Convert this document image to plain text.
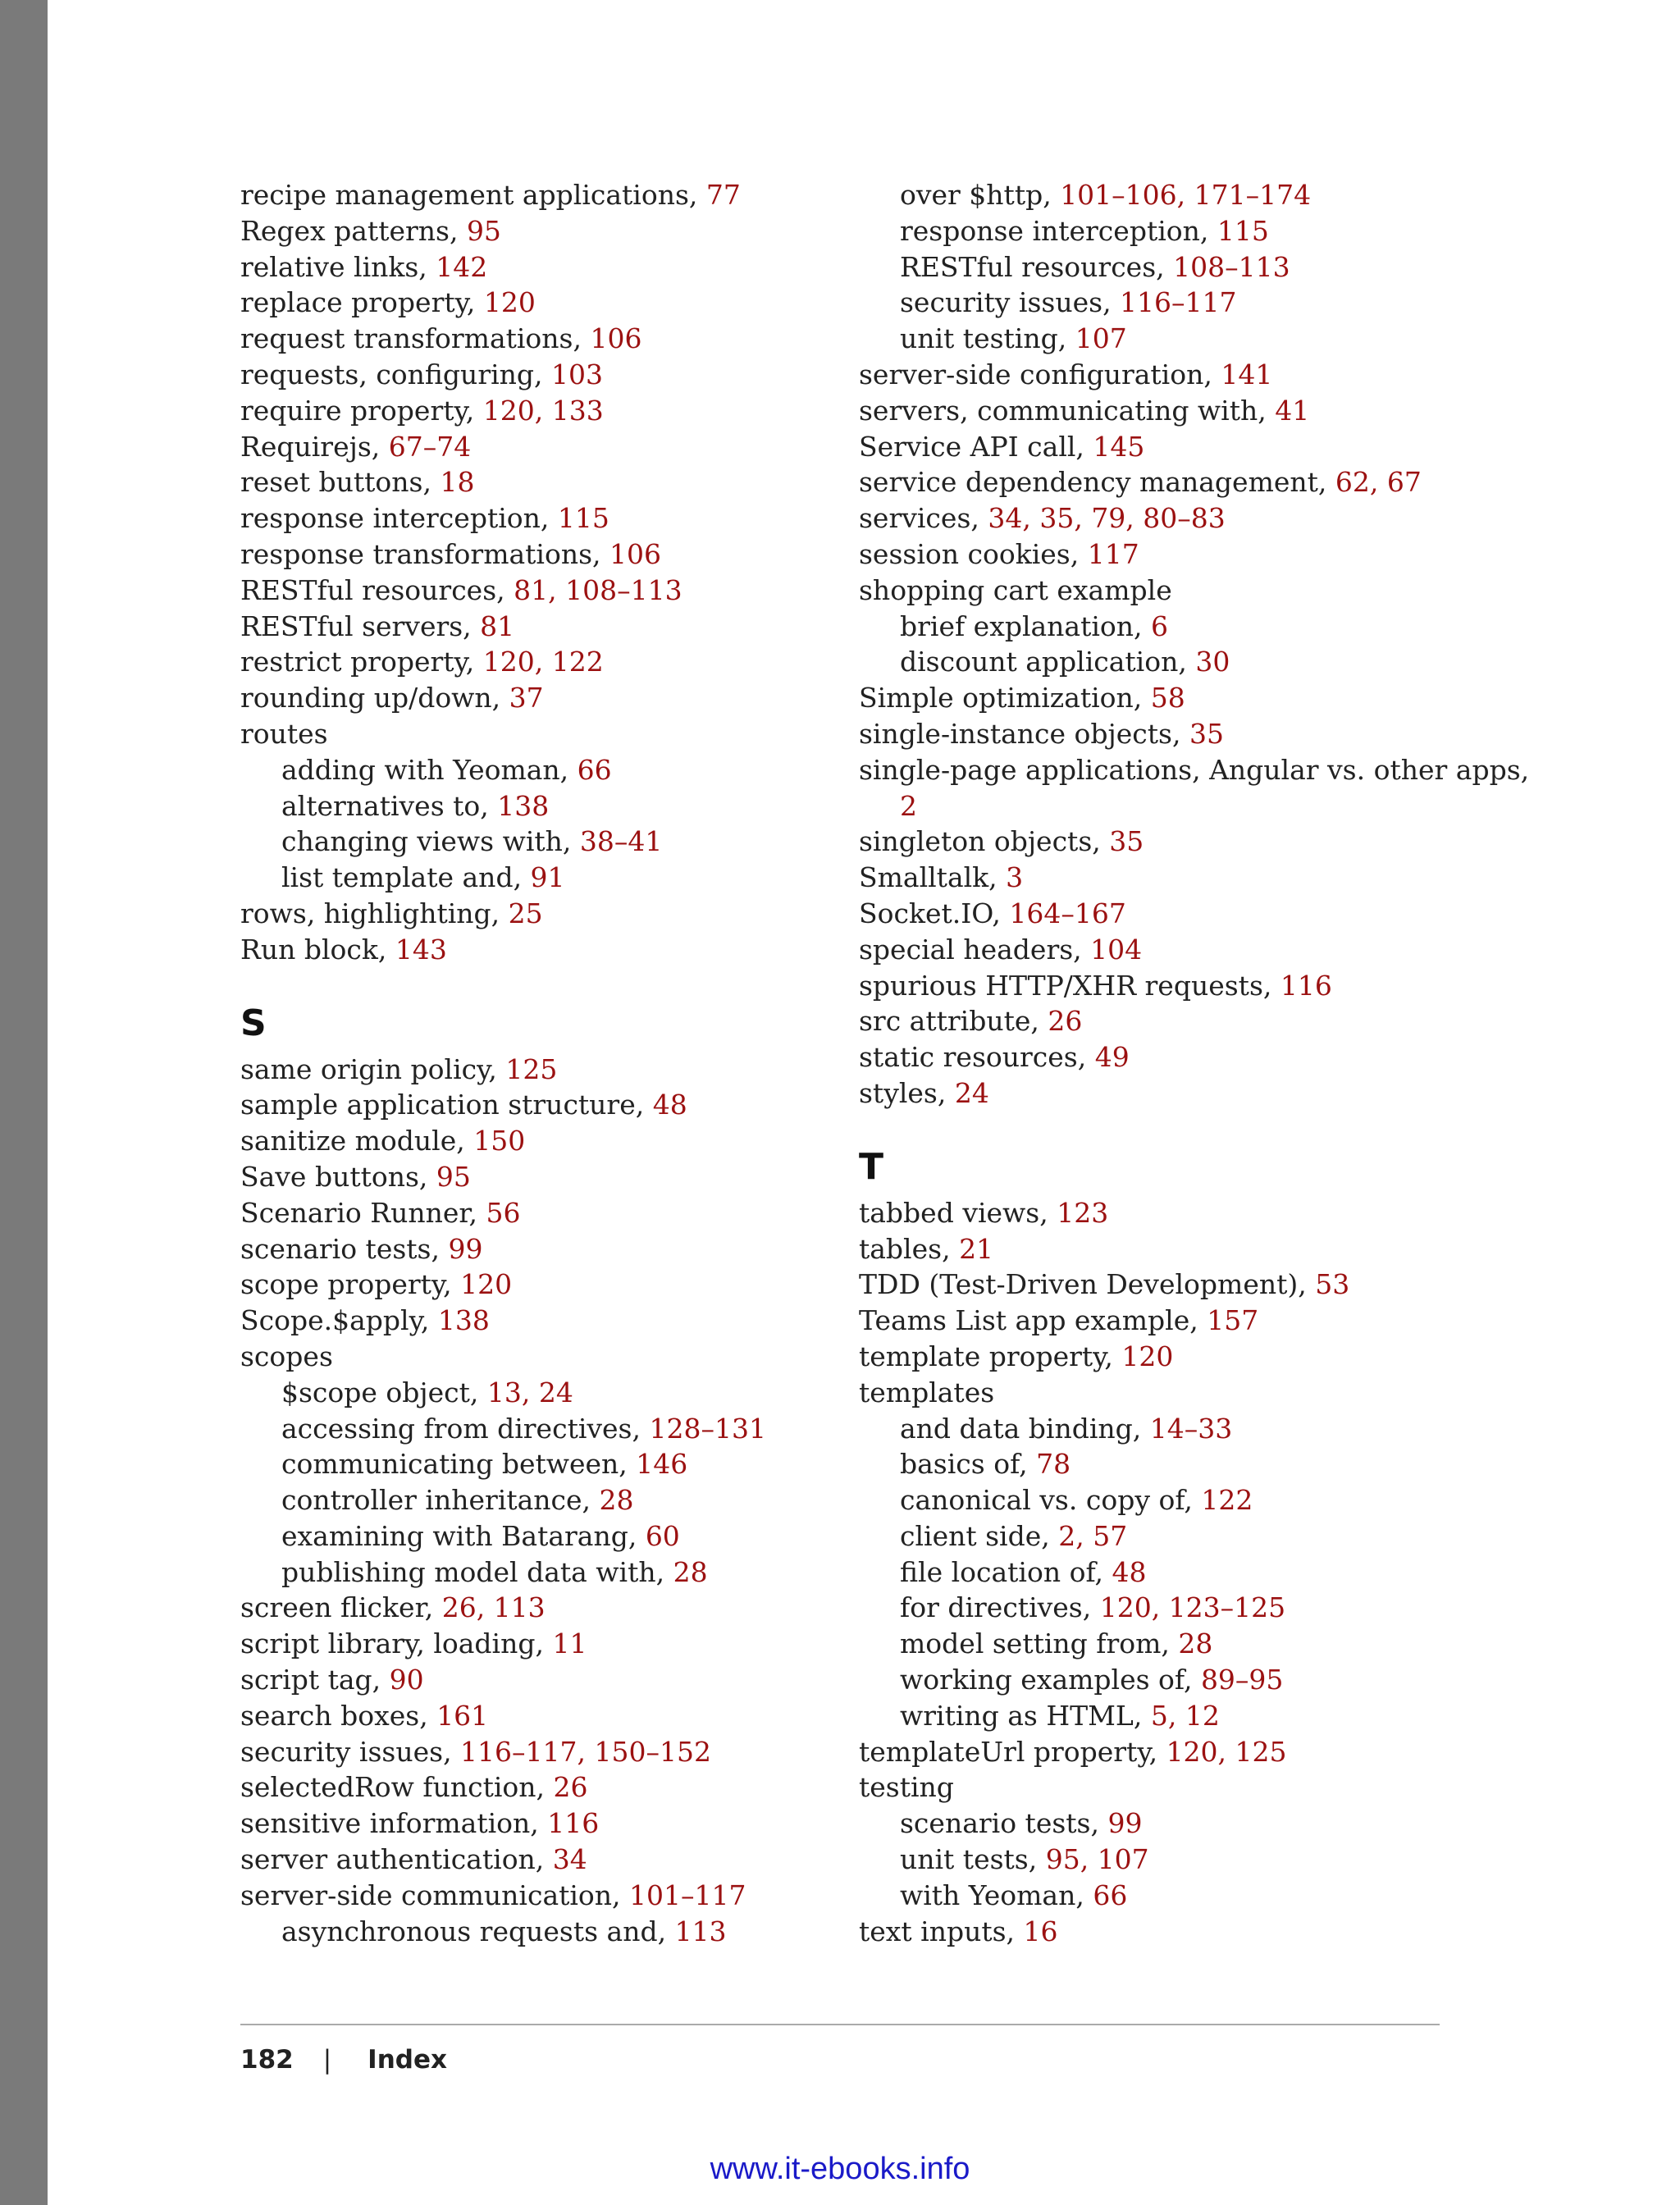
recipe management applications, 77
Regex patterns, 95
relative links, 142
replace property, 120
request transformations, 106
requests, configuring, 103
require property, 120, 133
Requirejs, 67–74
reset buttons, 18
response interception, 115
response transformations, 106
RESTful resources, 81, 108–113
RESTful servers, 81
restrict property, 120, 122
rounding up/down, 37
routes
adding with Yeoman, 66
alternatives to, 138
changing views with, 38–41
list template and, 91
rows, highlighting, 25
Run block, 143
S
same origin policy, 125
sample application structure, 48
sanitize module, 150
Save buttons, 95
Scenario Runner, 56
scenario tests, 99
scope property, 120
Scope.$apply, 138
scopes
$scope object, 13, 24
accessing from directives, 128–131
communicating between, 146
controller inheritance, 28
examining with Batarang, 60
publishing model data with, 28
screen flicker, 26, 113
script library, loading, 11
script tag, 90
search boxes, 161
security issues, 116–117, 150–152
selectedRow function, 26
sensitive information, 116
server authentication, 34
server-side communication, 101–117
asynchronous requests and, 113
over $http, 101–106, 171–174
response interception, 115
RESTful resources, 108–113
security issues, 116–117
unit testing, 107
server-side configuration, 141
servers, communicating with, 41
Service API call, 145
service dependency management, 62, 67
services, 34, 35, 79, 80–83
session cookies, 117
shopping cart example
brief explanation, 6
discount application, 30
Simple optimization, 58
single-instance objects, 35
single-page applications, Angular vs. other apps,
2
singleton objects, 35
Smalltalk, 3
Socket.IO, 164–167
special headers, 104
spurious HTTP/XHR requests, 116
src attribute, 26
static resources, 49
styles, 24
T
tabbed views, 123
tables, 21
TDD (Test-Driven Development), 53
Teams List app example, 157
template property, 120
templates
and data binding, 14–33
basics of, 78
canonical vs. copy of, 122
client side, 2, 57
file location of, 48
for directives, 120, 123–125
model setting from, 28
working examples of, 89–95
writing as HTML, 5, 12
templateUrl property, 120, 125
testing
scenario tests, 99
unit tests, 95, 107
with Yeoman, 66
text inputs, 16
182 | Index
www.it-ebooks.info
